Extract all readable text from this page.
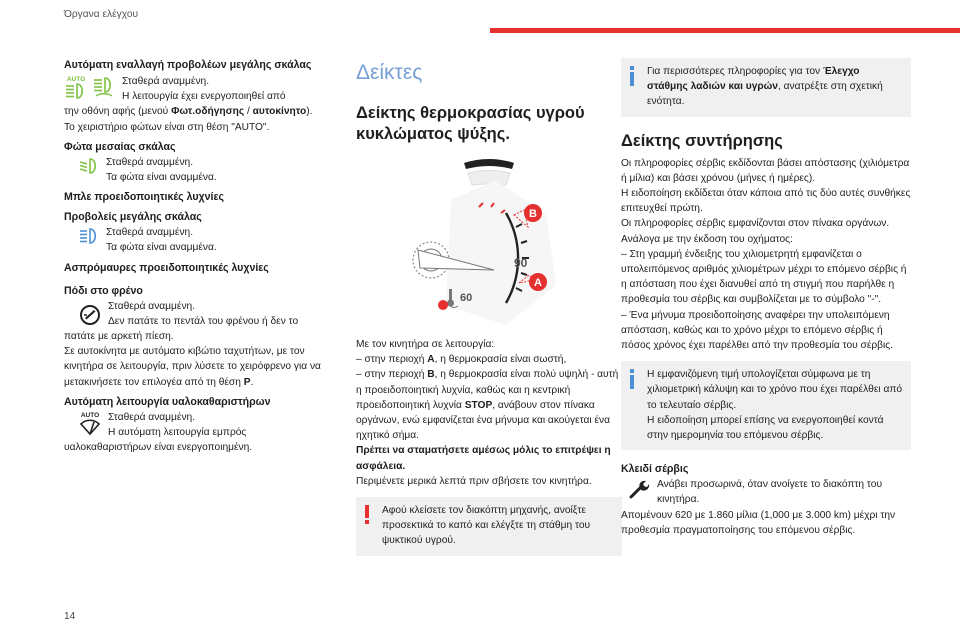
Όργανα ελέγχου
Αυτόματη εναλλαγή προβολέων μεγάλης σκάλας
AUTO	Σταθερά αναμμένη.

Η λειτουργία έχει ενεργοποιηθεί από

την οθόνη αφής (μενού Φωτ.οδήγησης / αυτοκίνητο).

Το χειριστήριο φώτων είναι στη θέση "AUTO".

Φώτα μεσαίας σκάλας

Σταθερά αναμμένη.

Τα φώτα είναι αναμμένα.

Μπλε προειδοποιητικές λυχνίες
Προβολείς μεγάλης σκάλας

Σταθερά αναμμένη.

Τα φώτα είναι αναμμένα.

Ασπρόμαυρες προειδοποιητικές λυχνίες
Πόδι στο φρένο

Σταθερά αναμμένη.

Δεν πατάτε το πεντάλ του φρένου ή δεν το

πατάτε με αρκετή πίεση.

Σε αυτοκίνητα με αυτόματο κιβώτιο ταχυτήτων, με τον κινητήρα σε λειτουργία, πριν λύσετε το χειρόφρενο για να μετακινήσετε τον επιλογέα από τη θέση P.

Αυτόματη λειτουργία υαλοκαθαριστήρων
AUTO Σταθερά αναμμένη.

Η αυτόματη λειτουργία εμπρός

υαλοκαθαριστήρων είναι ενεργοποιημένη.

Δείκτες
Δείκτης θερμοκρασίας υγρού κυκλώματος ψύξης.
90
60
B
A

Με τον κινητήρα σε λειτουργία:

– στην περιοχή A, η θερμοκρασία είναι σωστή,

– στην περιοχή B, η θερμοκρασία είναι πολύ υψηλή - αυτή η προειδοποιητική λυχνία, καθώς και η κεντρική προειδοποιητική λυχνία STOP, ανάβουν στον πίνακα οργάνων, ενώ εμφανίζεται ένα μήνυμα και ακούγεται ένα ηχητικό σήμα.

Πρέπει να σταματήσετε αμέσως μόλις το επιτρέψει η ασφάλεια.

Περιμένετε μερικά λεπτά πριν σβήσετε τον κινητήρα.

Αφού κλείσετε τον διακόπτη μηχανής, ανοίξτε προσεκτικά το καπό και ελέγξτε τη στάθμη του ψυκτικού υγρού.

Για περισσότερες πληροφορίες για τον Έλεγχο στάθμης λαδιών και υγρών, ανατρέξτε στη σχετική ενότητα.

Δείκτης συντήρησης

Οι πληροφορίες σέρβις εκδίδονται βάσει απόστασης (χιλιόμετρα ή μίλια) και βάσει χρόνου (μήνες ή ημέρες).

Η ειδοποίηση εκδίδεται όταν κάποια από τις δύο αυτές συνθήκες επιτευχθεί πρώτη.

Οι πληροφορίες σέρβις εμφανίζονται στον πίνακα οργάνων. Ανάλογα με την έκδοση του οχήματος:

– Στη γραμμή ένδειξης του χιλιομετρητή εμφανίζεται ο υπολειπόμενος αριθμός χιλιομέτρων μέχρι το επόμενο σέρβις ή η απόσταση που έχει διανυθεί από τη στιγμή που παρήλθε η προθεσμία του σέρβις και συμβολίζεται με το σύμβολο "-".

– Ένα μήνυμα προειδοποίησης αναφέρει την υπολειπόμενη απόσταση, καθώς και το χρόνο μέχρι το επόμενο σέρβις ή πόσος χρόνος έχει παρέλθει από την προθεσμία του σέρβις.

Η εμφανιζόμενη τιμή υπολογίζεται σύμφωνα με τη χιλιομετρική κάλυψη και το χρόνο που έχει παρέλθει από το τελευταίο σέρβις.

Η ειδοποίηση μπορεί επίσης να ενεργοποιηθεί κοντά στην ημερομηνία του επόμενου σέρβις.

Κλειδί σέρβις

Ανάβει προσωρινά, όταν ανοίγετε το διακόπτη του κινητήρα.

Απομένουν 620 με 1.860 μίλια (1,000 με 3.000 km) μέχρι την προθεσμία πραγματοποίησης του επόμενου σέρβις.

14
